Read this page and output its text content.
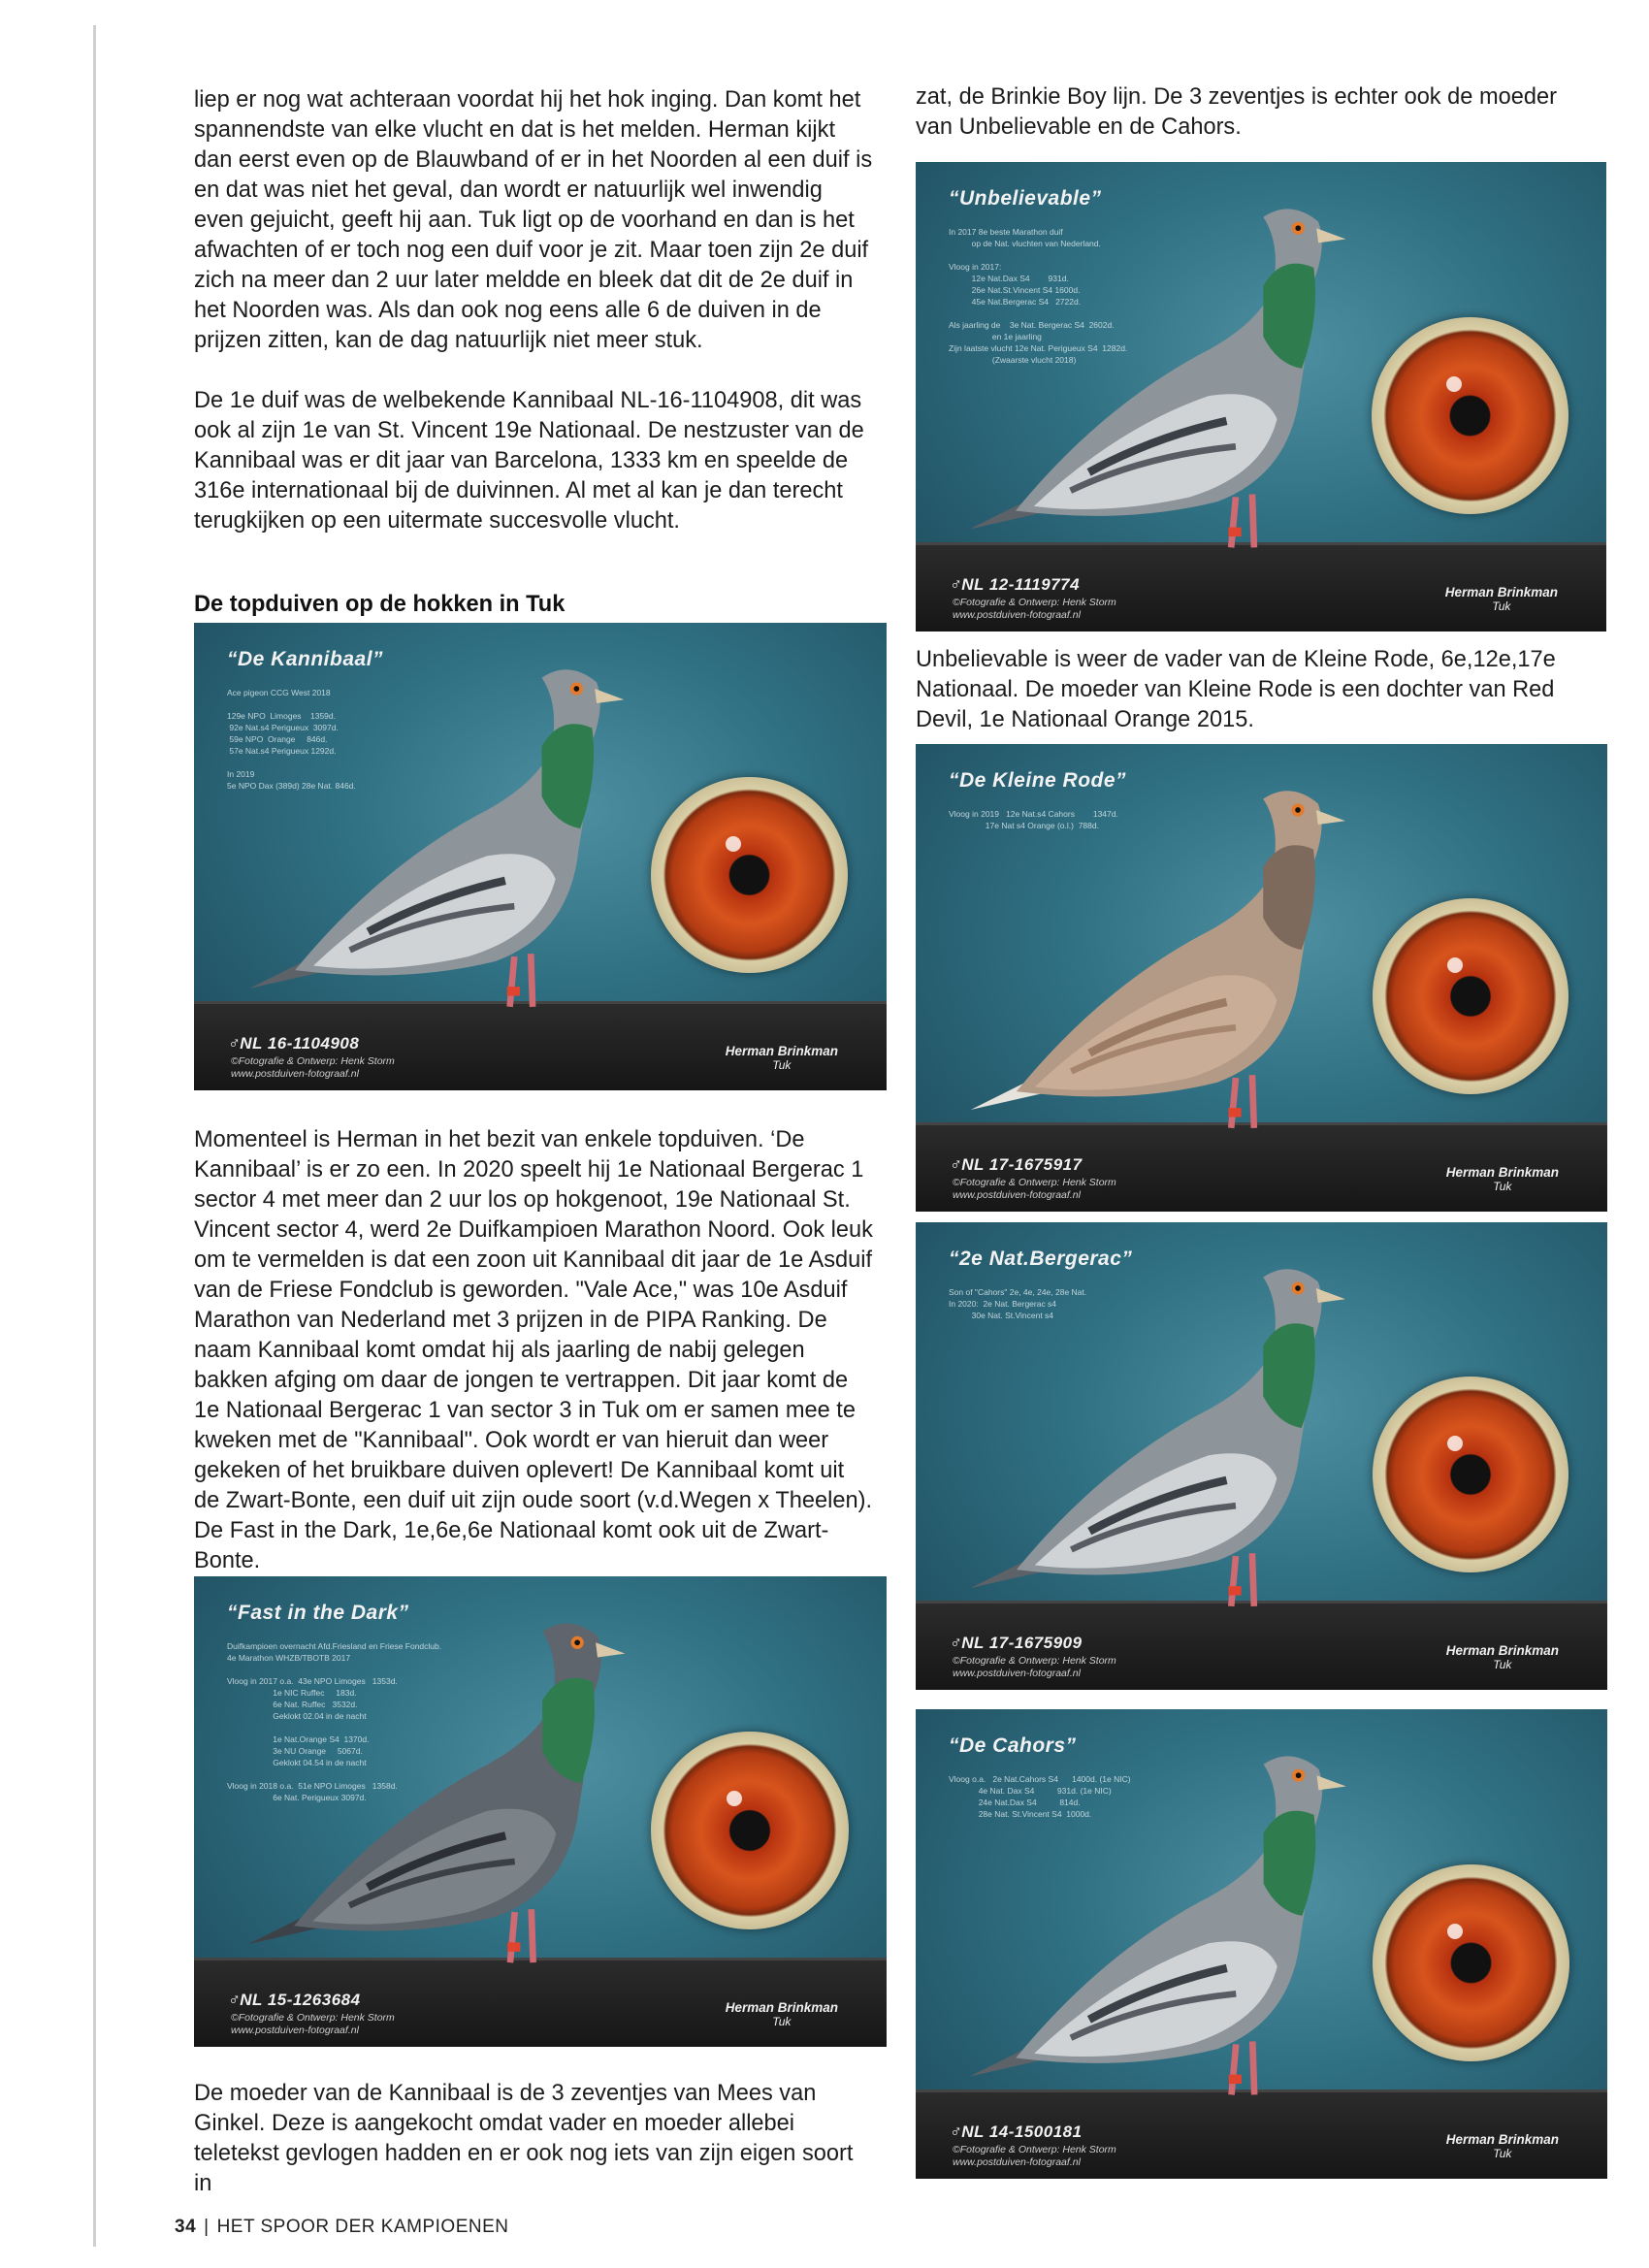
liep er nog wat achteraan voordat hij het hok inging. Dan komt het spannendste van elke vlucht en dat is het melden. Herman kijkt dan eerst even op de Blauwband of er in het Noorden al een duif is en dat was niet het geval, dan wordt er natuurlijk wel inwendig even gejuicht, geeft hij aan. Tuk ligt op de voorhand en dan is het afwachten of er toch nog een duif voor je zit. Maar toen zijn 2e duif zich na meer dan 2 uur later meldde en bleek dat dit de 2e duif in het Noorden was. Als dan ook nog eens alle 6 de duiven in de prijzen zitten, kan de dag natuurlijk niet meer stuk.

De 1e duif was de welbekende Kannibaal NL-16-1104908, dit was ook al zijn 1e van St. Vincent 19e Nationaal. De nestzuster van de Kannibaal was er dit jaar van Barcelona, 1333 km en speelde de 316e internationaal bij de duivinnen. Al met al kan je dan terecht terugkijken op een uitermate succesvolle vlucht.

De topduiven op de hokken in Tuk
“De Kannibaal”
Ace pigeon CCG West 2018

129e NPO  Limoges    1359d.
92e Nat.s4 Perigueux  3097d.
59e NPO  Orange     846d.
57e Nat.s4 Perigueux 1292d.

In 2019
5e NPO Dax (389d) 28e Nat. 846d.
♂NL 16-1104908
©Fotografie & Ontwerp: Henk Storm
www.postduiven-fotograaf.nl
Herman Brinkman
Tuk

Momenteel is Herman in het bezit van enkele topduiven. ‘De Kannibaal’ is er zo een. In 2020 speelt hij 1e Nationaal Bergerac 1 sector 4 met meer dan 2 uur los op hokgenoot, 19e Nationaal St. Vincent sector 4, werd 2e Duifkampioen Marathon Noord. Ook leuk om te vermelden is dat een zoon uit Kannibaal dit jaar de 1e Asduif van de Friese Fondclub is geworden. "Vale Ace," was 10e Asduif Marathon van Nederland met 3 prijzen in de PIPA Ranking. De naam Kannibaal komt omdat hij als jaarling de nabij gelegen bakken afging om daar de jongen te vertrappen. Dit jaar komt de 1e Nationaal Bergerac 1 van sector 3 in Tuk om er samen mee te kweken met de "Kannibaal". Ook wordt er van hieruit dan weer gekeken of het bruikbare duiven oplevert! De Kannibaal komt uit de Zwart-Bonte, een duif uit zijn oude soort (v.d.Wegen x Theelen). De Fast in the Dark, 1e,6e,6e Nationaal komt ook uit de Zwart-Bonte.

“Fast in the Dark”
Duifkampioen overnacht Afd.Friesland en Friese Fondclub.
4e Marathon WHZB/TBOTB 2017

Vloog in 2017 o.a.  43e NPO Limoges   1353d.
1e NIC Ruffec     183d.
6e Nat. Ruffec   3532d.
Geklokt 02.04 in de nacht

1e Nat.Orange S4  1370d.
3e NU Orange     5067d.
Geklokt 04.54 in de nacht

Vloog in 2018 o.a.  51e NPO Limoges   1358d.
6e Nat. Perigueux 3097d.
♂NL 15-1263684
©Fotografie & Ontwerp: Henk Storm
www.postduiven-fotograaf.nl
Herman Brinkman
Tuk

De moeder van de Kannibaal is de 3 zeventjes van Mees van Ginkel. Deze is aangekocht omdat vader en moeder allebei teletekst gevlogen hadden en er ook nog iets van zijn eigen soort in

zat, de Brinkie Boy lijn. De 3 zeventjes is echter ook de moeder van Unbelievable en de Cahors.

“Unbelievable”
In 2017 8e beste Marathon duif
op de Nat. vluchten van Nederland.

Vloog in 2017:
12e Nat.Dax S4        931d.
26e Nat.St.Vincent S4 1600d.
45e Nat.Bergerac S4   2722d.

Als jaarling de    3e Nat. Bergerac S4  2602d.
en 1e jaarling
Zijn laatste vlucht 12e Nat. Perigueux S4  1282d.
(Zwaarste vlucht 2018)
♂NL 12-1119774
©Fotografie & Ontwerp: Henk Storm
www.postduiven-fotograaf.nl
Herman Brinkman
Tuk

Unbelievable is weer de vader van de Kleine Rode, 6e,12e,17e Nationaal. De moeder van Kleine Rode is een dochter van Red Devil, 1e Nationaal Orange 2015.

“De Kleine Rode”
Vloog in 2019   12e Nat.s4 Cahors        1347d.
17e Nat s4 Orange (o.l.)  788d.
♂NL 17-1675917
©Fotografie & Ontwerp: Henk Storm
www.postduiven-fotograaf.nl
Herman Brinkman
Tuk
“2e Nat.Bergerac”
Son of "Cahors" 2e, 4e, 24e, 28e Nat.
In 2020:  2e Nat. Bergerac s4
30e Nat. St.Vincent s4
♂NL 17-1675909
©Fotografie & Ontwerp: Henk Storm
www.postduiven-fotograaf.nl
Herman Brinkman
Tuk
“De Cahors”
Vloog o.a.   2e Nat.Cahors S4      1400d. (1e NIC)
4e Nat. Dax S4          931d. (1e NIC)
24e Nat.Dax S4          814d.
28e Nat. St.Vincent S4  1000d.
♂NL 14-1500181
©Fotografie & Ontwerp: Henk Storm
www.postduiven-fotograaf.nl
Herman Brinkman
Tuk
34 | HET SPOOR DER KAMPIOENEN
